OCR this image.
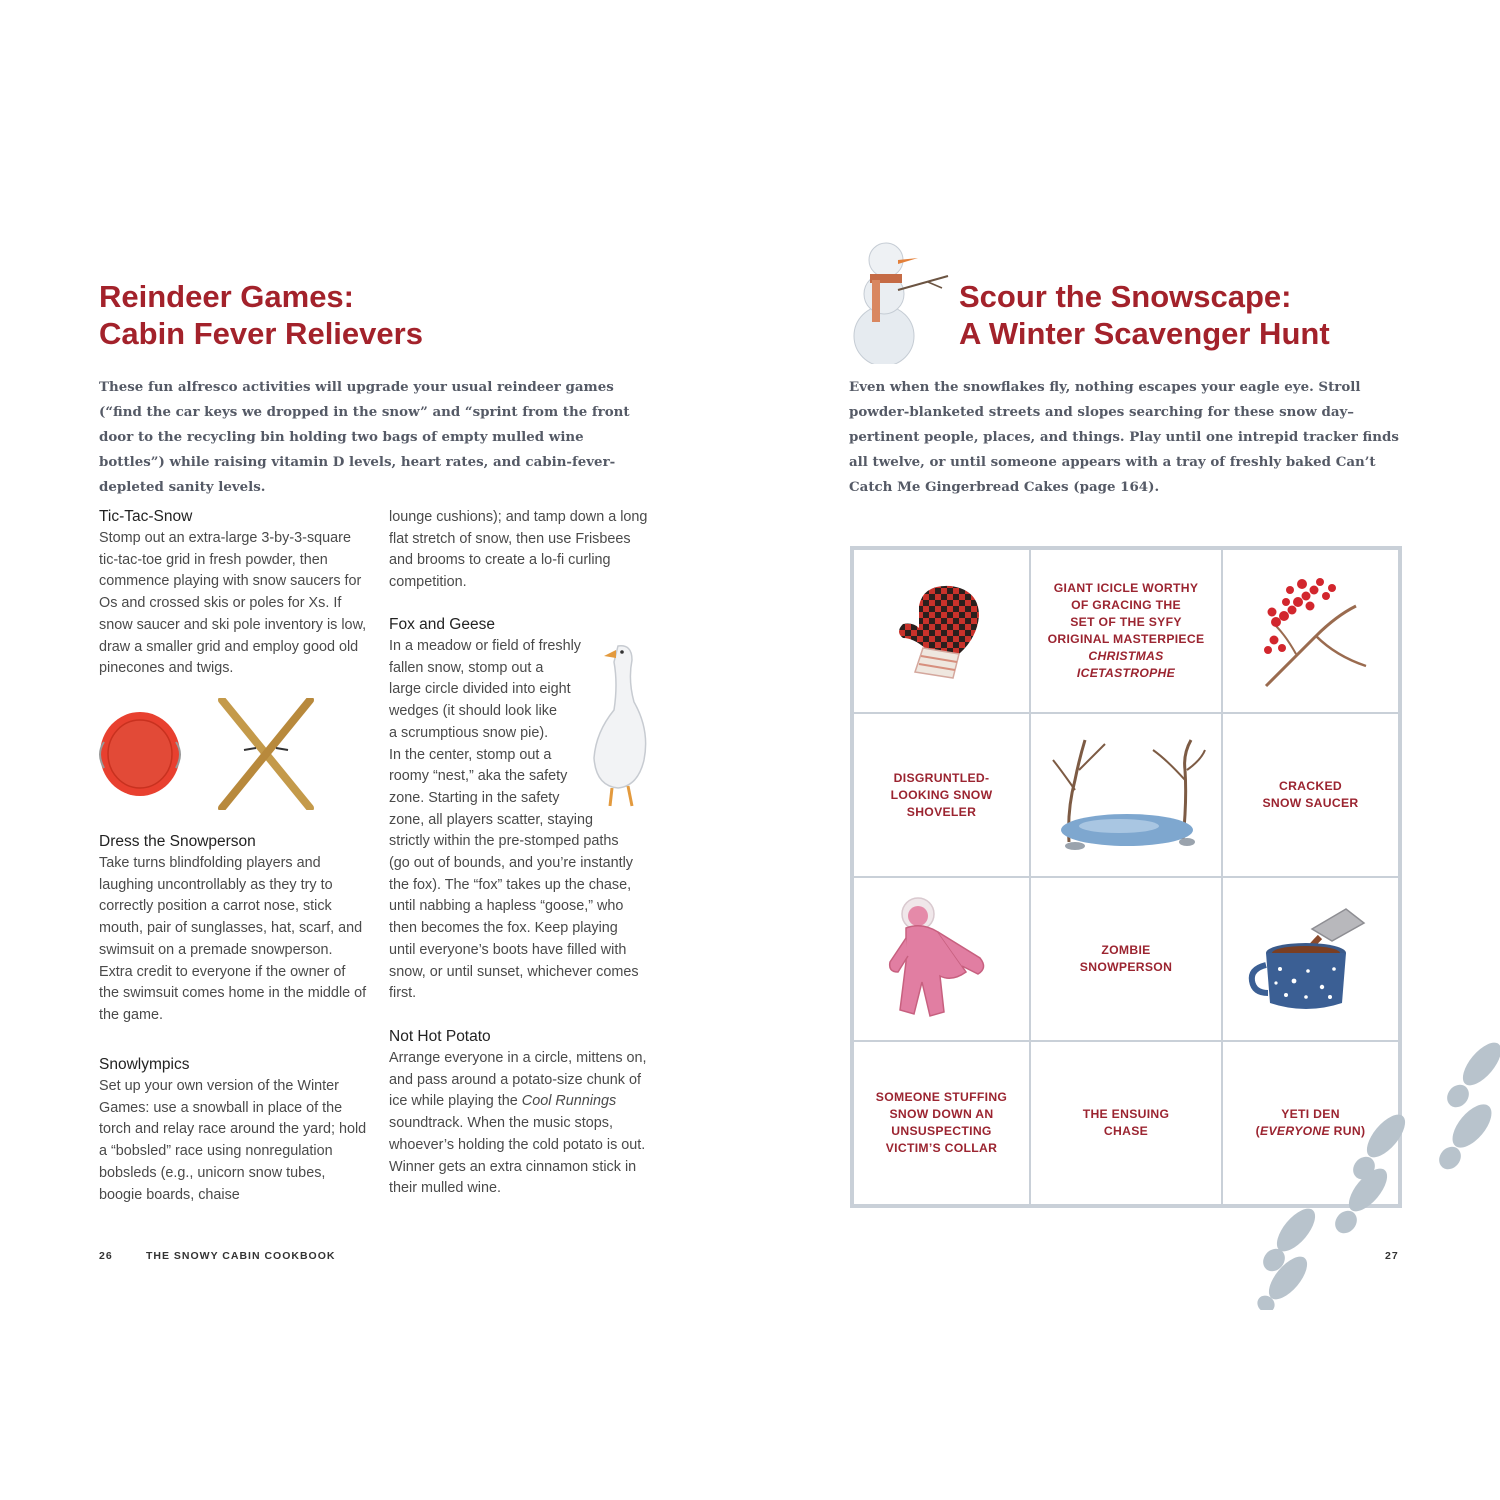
Reindeer Games:

Cabin Fever Relievers

These fun alfresco activities will upgrade your usual reindeer games (“find the car keys we dropped in the snow” and “sprint from the front door to the recycling bin holding two bags of empty mulled wine bottles”) while raising vitamin D levels, heart rates, and cabin-fever-depleted sanity levels.

Tic-Tac-Snow

Stomp out an extra-large 3-by-3-square tic-tac-toe grid in fresh powder, then commence playing with snow saucers for Os and crossed skis or poles for Xs. If snow saucer and ski pole inventory is low, draw a smaller grid and employ good old pinecones and twigs.

Dress the Snowperson

Take turns blindfolding players and laughing uncontrollably as they try to correctly position a carrot nose, stick mouth, pair of sunglasses, hat, scarf, and swimsuit on a premade snowperson. Extra credit to everyone if the owner of the swimsuit comes home in the middle of the game.

Snowlympics

Set up your own version of the Winter Games: use a snowball in place of the torch and relay race around the yard; hold a “bobsled” race using nonregulation bobsleds (e.g., unicorn snow tubes, boogie boards, chaise

lounge cushions); and tamp down a long flat stretch of snow, then use Frisbees and brooms to create a lo-fi curling competition.

Fox and Geese

In a meadow or field of freshly

fallen snow, stomp out a

large circle divided into eight

wedges (it should look like

a scrumptious snow pie).

In the center, stomp out a

roomy “nest,” aka the safety

zone. Starting in the safety

zone, all players scatter, staying

strictly within the pre-stomped paths

(go out of bounds, and you’re instantly

the fox). The “fox” takes up the chase,

until nabbing a hapless “goose,” who

then becomes the fox. Keep playing

until everyone’s boots have filled with

snow, or until sunset, whichever comes

first.

Not Hot Potato

Arrange everyone in a circle, mittens on, and pass around a potato-size chunk of ice while playing the Cool Runnings soundtrack. When the music stops, whoever’s holding the cold potato is out. Winner gets an extra cinnamon stick in their mulled wine.

26	THE SNOWY CABIN COOKBOOK

Scour the Snowscape:

A Winter Scavenger Hunt

Even when the snowflakes fly, nothing escapes your eagle eye. Stroll powder-blanketed streets and slopes searching for these snow day–pertinent people, places, and things. Play until one intrepid tracker finds all twelve, or until someone appears with a tray of freshly baked Can’t Catch Me Gingerbread Cakes (page 164).

GIANT ICICLE WORTHY
OF GRACING THE
SET OF THE SYFY
ORIGINAL MASTERPIECE
CHRISTMAS
ICETASTROPHE
DISGRUNTLED-
LOOKING SNOW
SHOVELER
CRACKED
SNOW SAUCER
ZOMBIE
SNOWPERSON
SOMEONE STUFFING
SNOW DOWN AN
UNSUSPECTING
VICTIM’S COLLAR
THE ENSUING
CHASE
YETI DEN
(EVERYONE RUN)
27
